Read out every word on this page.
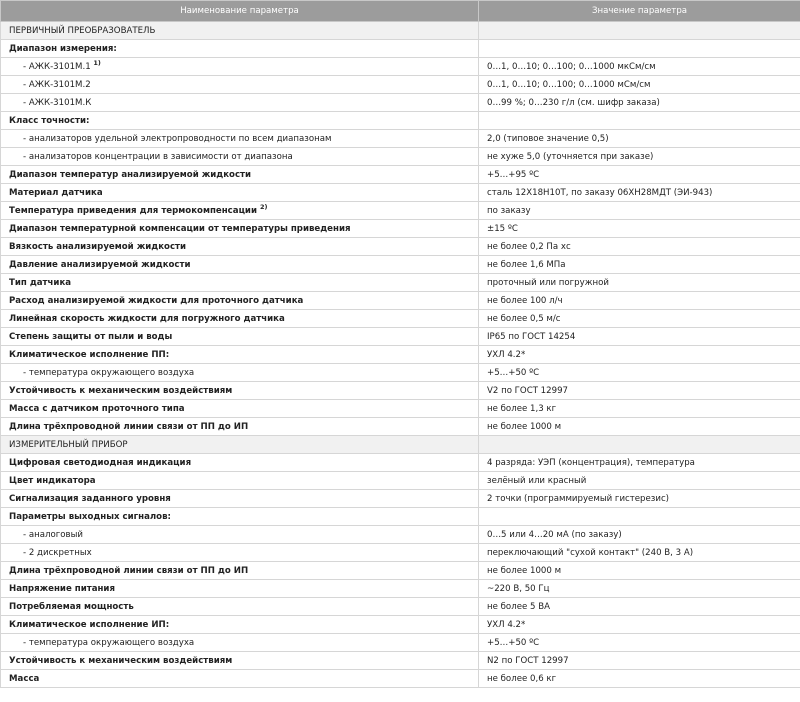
Наименование параметра	Значение параметра
ПЕРВИЧНЫЙ ПРЕОБРАЗОВАТЕЛЬ	
Диапазон измерения:	
- АЖК-3101М.1 $^{1)}$	0…1, 0…10; 0…100; 0…1000 мкСм/см
- АЖК-3101М.2	0…1, 0…10; 0…100; 0…1000 мСм/см
- АЖК-3101М.К	0…99 %; 0…230 г/л (см. шифр заказа)
Класс точности:	
- анализаторов удельной электропроводности по всем диапазонам	2,0 (типовое значение 0,5)
- анализаторов концентрации в зависимости от диапазона	не хуже 5,0 (уточняется при заказе)
Диапазон температур анализируемой жидкости	+5…+95 ºС
Материал датчика	сталь 12Х18Н10Т, по заказу 06ХН28МДТ (ЭИ-943)
Температура приведения для термокомпенсации $^{2)}$	по заказу
Диапазон температурной компенсации от температуры приведения	±15 ºС
Вязкость анализируемой жидкости	не более 0,2 Па хс
Давление анализируемой жидкости	не более 1,6 МПа
Тип датчика	проточный или погружной
Расход анализируемой жидкости для проточного датчика	не более 100 л/ч
Линейная скорость жидкости для погружного датчика	не более 0,5 м/с
Степень защиты от пыли и воды	IP65 по ГОСТ 14254
Климатическое исполнение ПП:	УХЛ 4.2*
- температура окружающего воздуха	+5…+50 ºС
Устойчивость к механическим воздействиям	V2 по ГОСТ 12997
Масса с датчиком проточного типа	не более 1,3 кг
Длина трёхпроводной линии связи от ПП до ИП	не более 1000 м
ИЗМЕРИТЕЛЬНЫЙ ПРИБОР	
Цифровая светодиодная индикация	4 разряда: УЭП (концентрация), температура
Цвет индикатора	зелёный или красный
Сигнализация заданного уровня	2 точки (программируемый гистерезис)
Параметры выходных сигналов:	
- аналоговый	0…5 или 4…20 мА (по заказу)
- 2 дискретных	переключающий "сухой контакт" (240 В, 3 А)
Длина трёхпроводной линии связи от ПП до ИП	не более 1000 м
Напряжение питания	~220 В, 50 Гц
Потребляемая мощность	не более 5 ВА
Климатическое исполнение ИП:	УХЛ 4.2*
- температура окружающего воздуха	+5…+50 ºС
Устойчивость к механическим воздействиям	N2 по ГОСТ 12997
Масса	не более 0,6 кг
